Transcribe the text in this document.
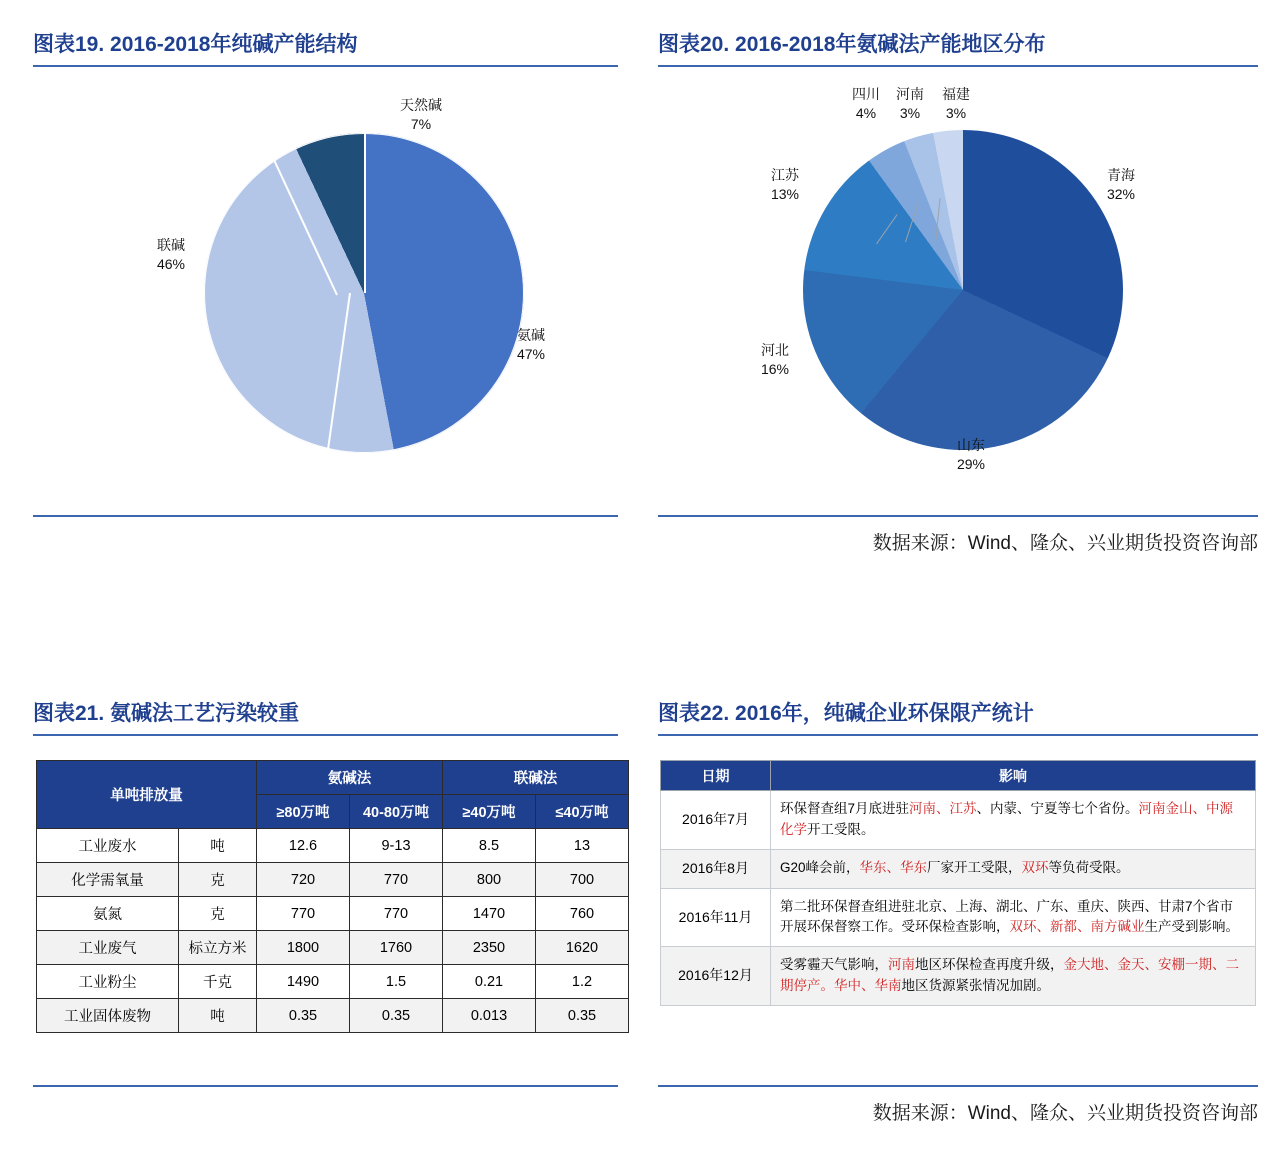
图表19. 2016-2018年纯碱产能结构
天然碱
7%
联碱
46%
氨碱
47%
图表20. 2016-2018年氨碱法产能地区分布
四川
4%
河南
3%
福建
3%
江苏
13%
河北
16%
山东
29%
青海
32%
数据来源：Wind、隆众、兴业期货投资咨询部
图表21. 氨碱法工艺污染较重
单吨排放量		氨碱法		联碱法	
		≥80万吨	40-80万吨	≥40万吨	≤40万吨
工业废水	吨	12.6	9-13	8.5	13
化学需氧量	克	720	770	800	700
氨氮	克	770	770	1470	760
工业废气	标立方米	1800	1760	2350	1620
工业粉尘	千克	1490	1.5	0.21	1.2
工业固体废物	吨	0.35	0.35	0.013	0.35
图表22. 2016年，纯碱企业环保限产统计
日期	影响
2016年7月	环保督查组7月底进驻河南、江苏、内蒙、宁夏等七个省份。河南金山、中源化学开工受限。
2016年8月	G20峰会前，华东、华东厂家开工受限，双环等负荷受限。
2016年11月	第二批环保督查组进驻北京、上海、湖北、广东、重庆、陕西、甘肃7个省市开展环保督察工作。受环保检查影响，双环、新都、南方碱业生产受到影响。
2016年12月	受雾霾天气影响，河南地区环保检查再度升级，金大地、金天、安棚一期、二期停产。华中、华南地区货源紧张情况加剧。
数据来源：Wind、隆众、兴业期货投资咨询部
